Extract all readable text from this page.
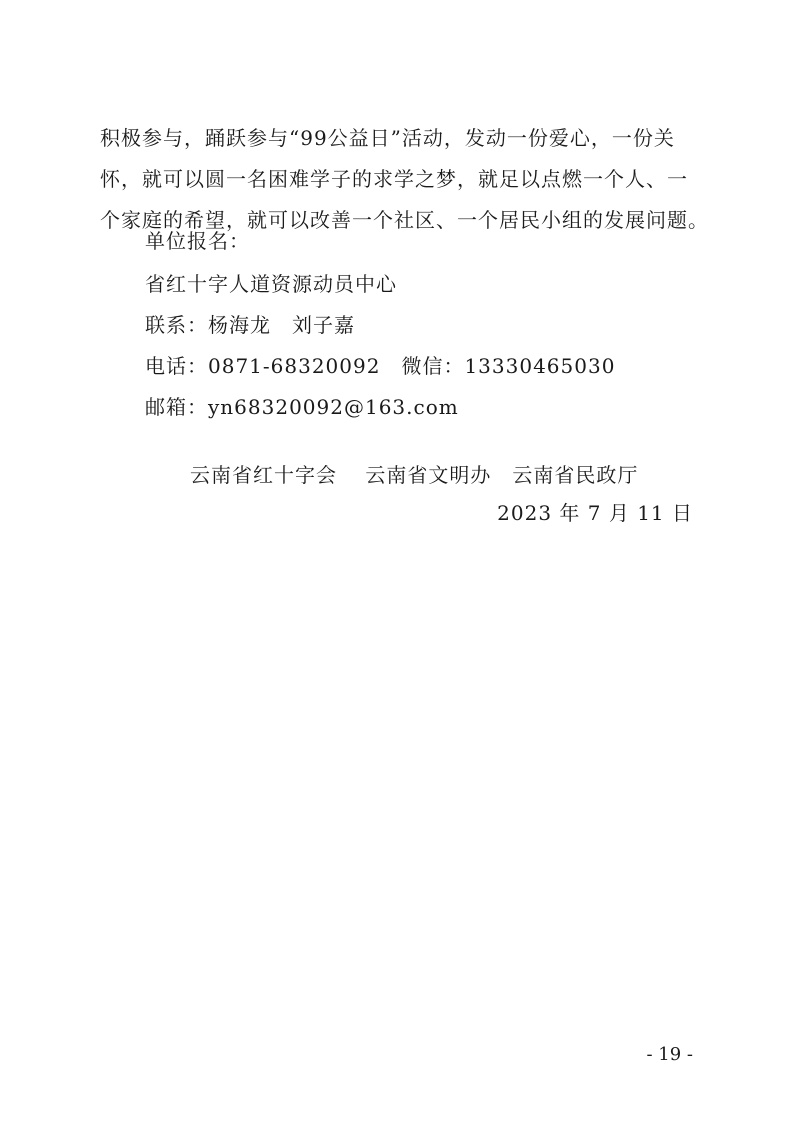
积极参与，踊跃参与“99公益日”活动，发动一份爱心，一份关
怀，就可以圆一名困难学子的求学之梦，就足以点燃一个人、一
个家庭的希望，就可以改善一个社区、一个居民小组的发展问题。
单位报名：
省红十字人道资源动员中心
联系：杨海龙　刘子嘉
电话：0871-68320092　微信：13330465030
邮箱：yn68320092@163.com
云南省红十字会　 云南省文明办　云南省民政厅
2023 年 7 月 11 日
- 19 -
